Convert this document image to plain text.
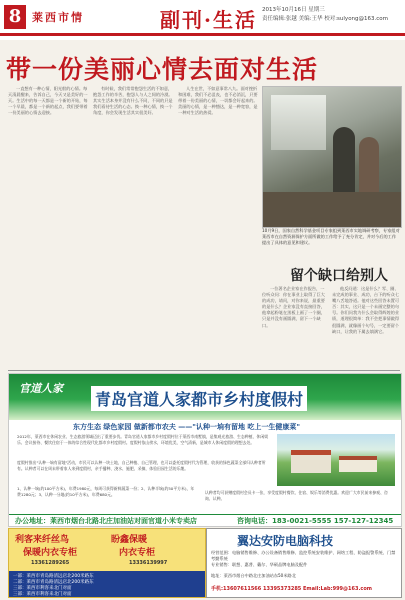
8 莱西市情	副刊·生活 2013年10月16日 星期三
责任编辑:张越 美编:王华 校对:sulyong@163.com
带一份美丽心情去面对生活
一直想有一种心情，阳光般的心情。每天清晨醒来，告诉自己，今天又是美好的一天。生活中的每一天都是一个新的开始，每一个早晨，都是一个新的起点，我们要带着一份美丽的心情去迎接。
有时候，我们常常抱怨生活的不如意，抱怨工作的辛苦，抱怨人与人之间的冷漠。其实生活本身并没有什么不同，不同的只是我们看待生活的心态。换一种心情，换一个角度，你会发现生活其实很美好。
人生在世，不如意事常八九。面对挫折和困难，我们不必沮丧，也不必消沉，只要带着一份美丽的心情，一切都会好起来的。美丽的心情，是一种豁达，是一种宽容，是一种对生活的热爱。
10月9日，国家自然科学基金项目专家组到莱西市实地调研考察，专家组对莱西市在自然资源保护方面所做的工作给予了充分肯定，并对今后的工作提出了具体的意见和建议。
留个缺口给别人
一位著名企业家在作报告，一位听众问：你在事业上取得了巨大的成功，请问，对你来说，最重要的是什么？企业家没有直接回答，他拿起粉笔在黑板上画了一个圈，只是并没有画圆满，留下一个缺口。
他反问道：这是什么？零、圈、未完成的事业、成功，台下的听众七嘴八舌地答道。他对这些回答未置可否：其实，这只是一个未画完整的句号。你们问我为什么会取得辉煌的业绩，道理很简单：我不会把事情做得很圆满，就像画个句号，一定要留个缺口，让我的下属去填满它。
官道人家
青岛官道人家都市乡村度假村
东方生态 绿色家园 做新都市农夫 ——"认种一垧有留地 吃上一生健康菜"
2012年，莱西市在休闲农业、生态旅游领域迈出了重要步伐。青岛官道人家都市乡村度假村位于莱西市南墅镇，是集观光旅游、生态种植、休闲娱乐、会议接待、餐饮住宿于一体的综合性现代化都市乡村度假村。度假村依山傍水，环境优美，空气清新，是城市人休闲度假的理想去处。
度假村推出"认种一垧有留地"活动，市民可以认种一块土地，自己种植、自己管理，也可以委托度假村代为管理，收获的绿色蔬菜全部归认种者所有。认种者可以在周末带着家人来到度假村，亲手播种、浇水、施肥、采摘，体验田园生活的乐趣。
1、认种一垧(约100平方米)，年费1980元，每周可获得新鲜蔬菜一份；2、认种半垧(约50平方米)，年费1280元；3、认种一分地(约10平方米)，年费680元。	认种者均可获赠度假村会员卡一张，享受度假村餐饮、住宿、娱乐等消费优惠。欢迎广大市民前来参观、咨询、认种。
办公地址：莱西市烟台北路北庄加油站对面官道小米专卖店	咨询电话：183-0021-5555 157-127-12345
利客来纤丝鸟	盼鑫保暖
保暖内衣专柜	内衣专柜
13361289265	13336139997
一部：莱西市青岛路清远店北200米路东
二部：莱西市青岛路清远店北200米路东
三部：莱西市利客来北门对面
三部：莱西市利客来北门对面
翼达安防电脑科技
经营范围：电脑销售维修、办公设备销售维修、监控系统安装维护、网络工程、防盗报警系统、门禁考勤系统
专业销售：联想、惠普、戴尔、华硕品牌电脑及配件
地址：莱西市烟台中路北庄加油站东50米路北
手机:13607611566 13395373285 Email:Lab:999@163.com
